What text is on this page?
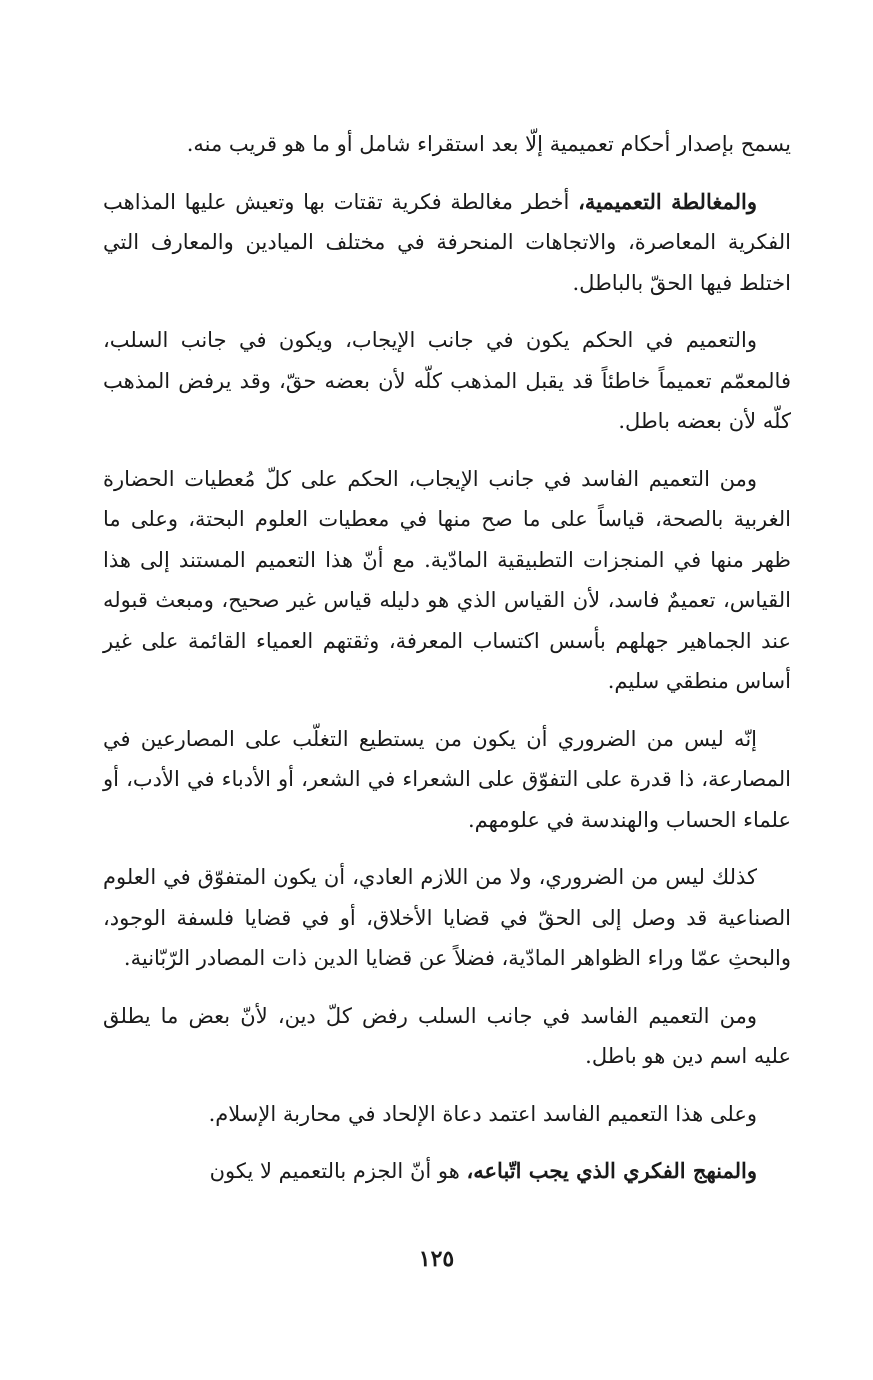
يسمح بإصدار أحكام تعميمية إلّا بعد استقراء شامل أو ما هو قريب منه.

والمغالطة التعميمية، أخطر مغالطة فكرية تقتات بها وتعيش عليها المذاهب الفكرية المعاصرة، والاتجاهات المنحرفة في مختلف الميادين والمعارف التي اختلط فيها الحقّ بالباطل.

والتعميم في الحكم يكون في جانب الإيجاب، ويكون في جانب السلب، فالمعمّم تعميماً خاطئاً قد يقبل المذهب كلّه لأن بعضه حقّ، وقد يرفض المذهب كلّه لأن بعضه باطل.

ومن التعميم الفاسد في جانب الإيجاب، الحكم على كلّ مُعطيات الحضارة الغربية بالصحة، قياساً على ما صح منها في معطيات العلوم البحتة، وعلى ما ظهر منها في المنجزات التطبيقية المادّية. مع أنّ هذا التعميم المستند إلى هذا القياس، تعميمٌ فاسد، لأن القياس الذي هو دليله قياس غير صحيح، ومبعث قبوله عند الجماهير جهلهم بأسس اكتساب المعرفة، وثقتهم العمياء القائمة على غير أساس منطقي سليم.

إنّه ليس من الضروري أن يكون من يستطيع التغلّب على المصارعين في المصارعة، ذا قدرة على التفوّق على الشعراء في الشعر، أو الأدباء في الأدب، أو علماء الحساب والهندسة في علومهم.

كذلك ليس من الضروري، ولا من اللازم العادي، أن يكون المتفوّق في العلوم الصناعية قد وصل إلى الحقّ في قضايا الأخلاق، أو في قضايا فلسفة الوجود، والبحثِ عمّا وراء الظواهر المادّية، فضلاً عن قضايا الدين ذات المصادر الرّبّانية.

ومن التعميم الفاسد في جانب السلب رفض كلّ دين، لأنّ بعض ما يطلق عليه اسم دين هو باطل.

وعلى هذا التعميم الفاسد اعتمد دعاة الإلحاد في محاربة الإسلام.

والمنهج الفكري الذي يجب اتّباعه، هو أنّ الجزم بالتعميم لا يكون

١٢٥
